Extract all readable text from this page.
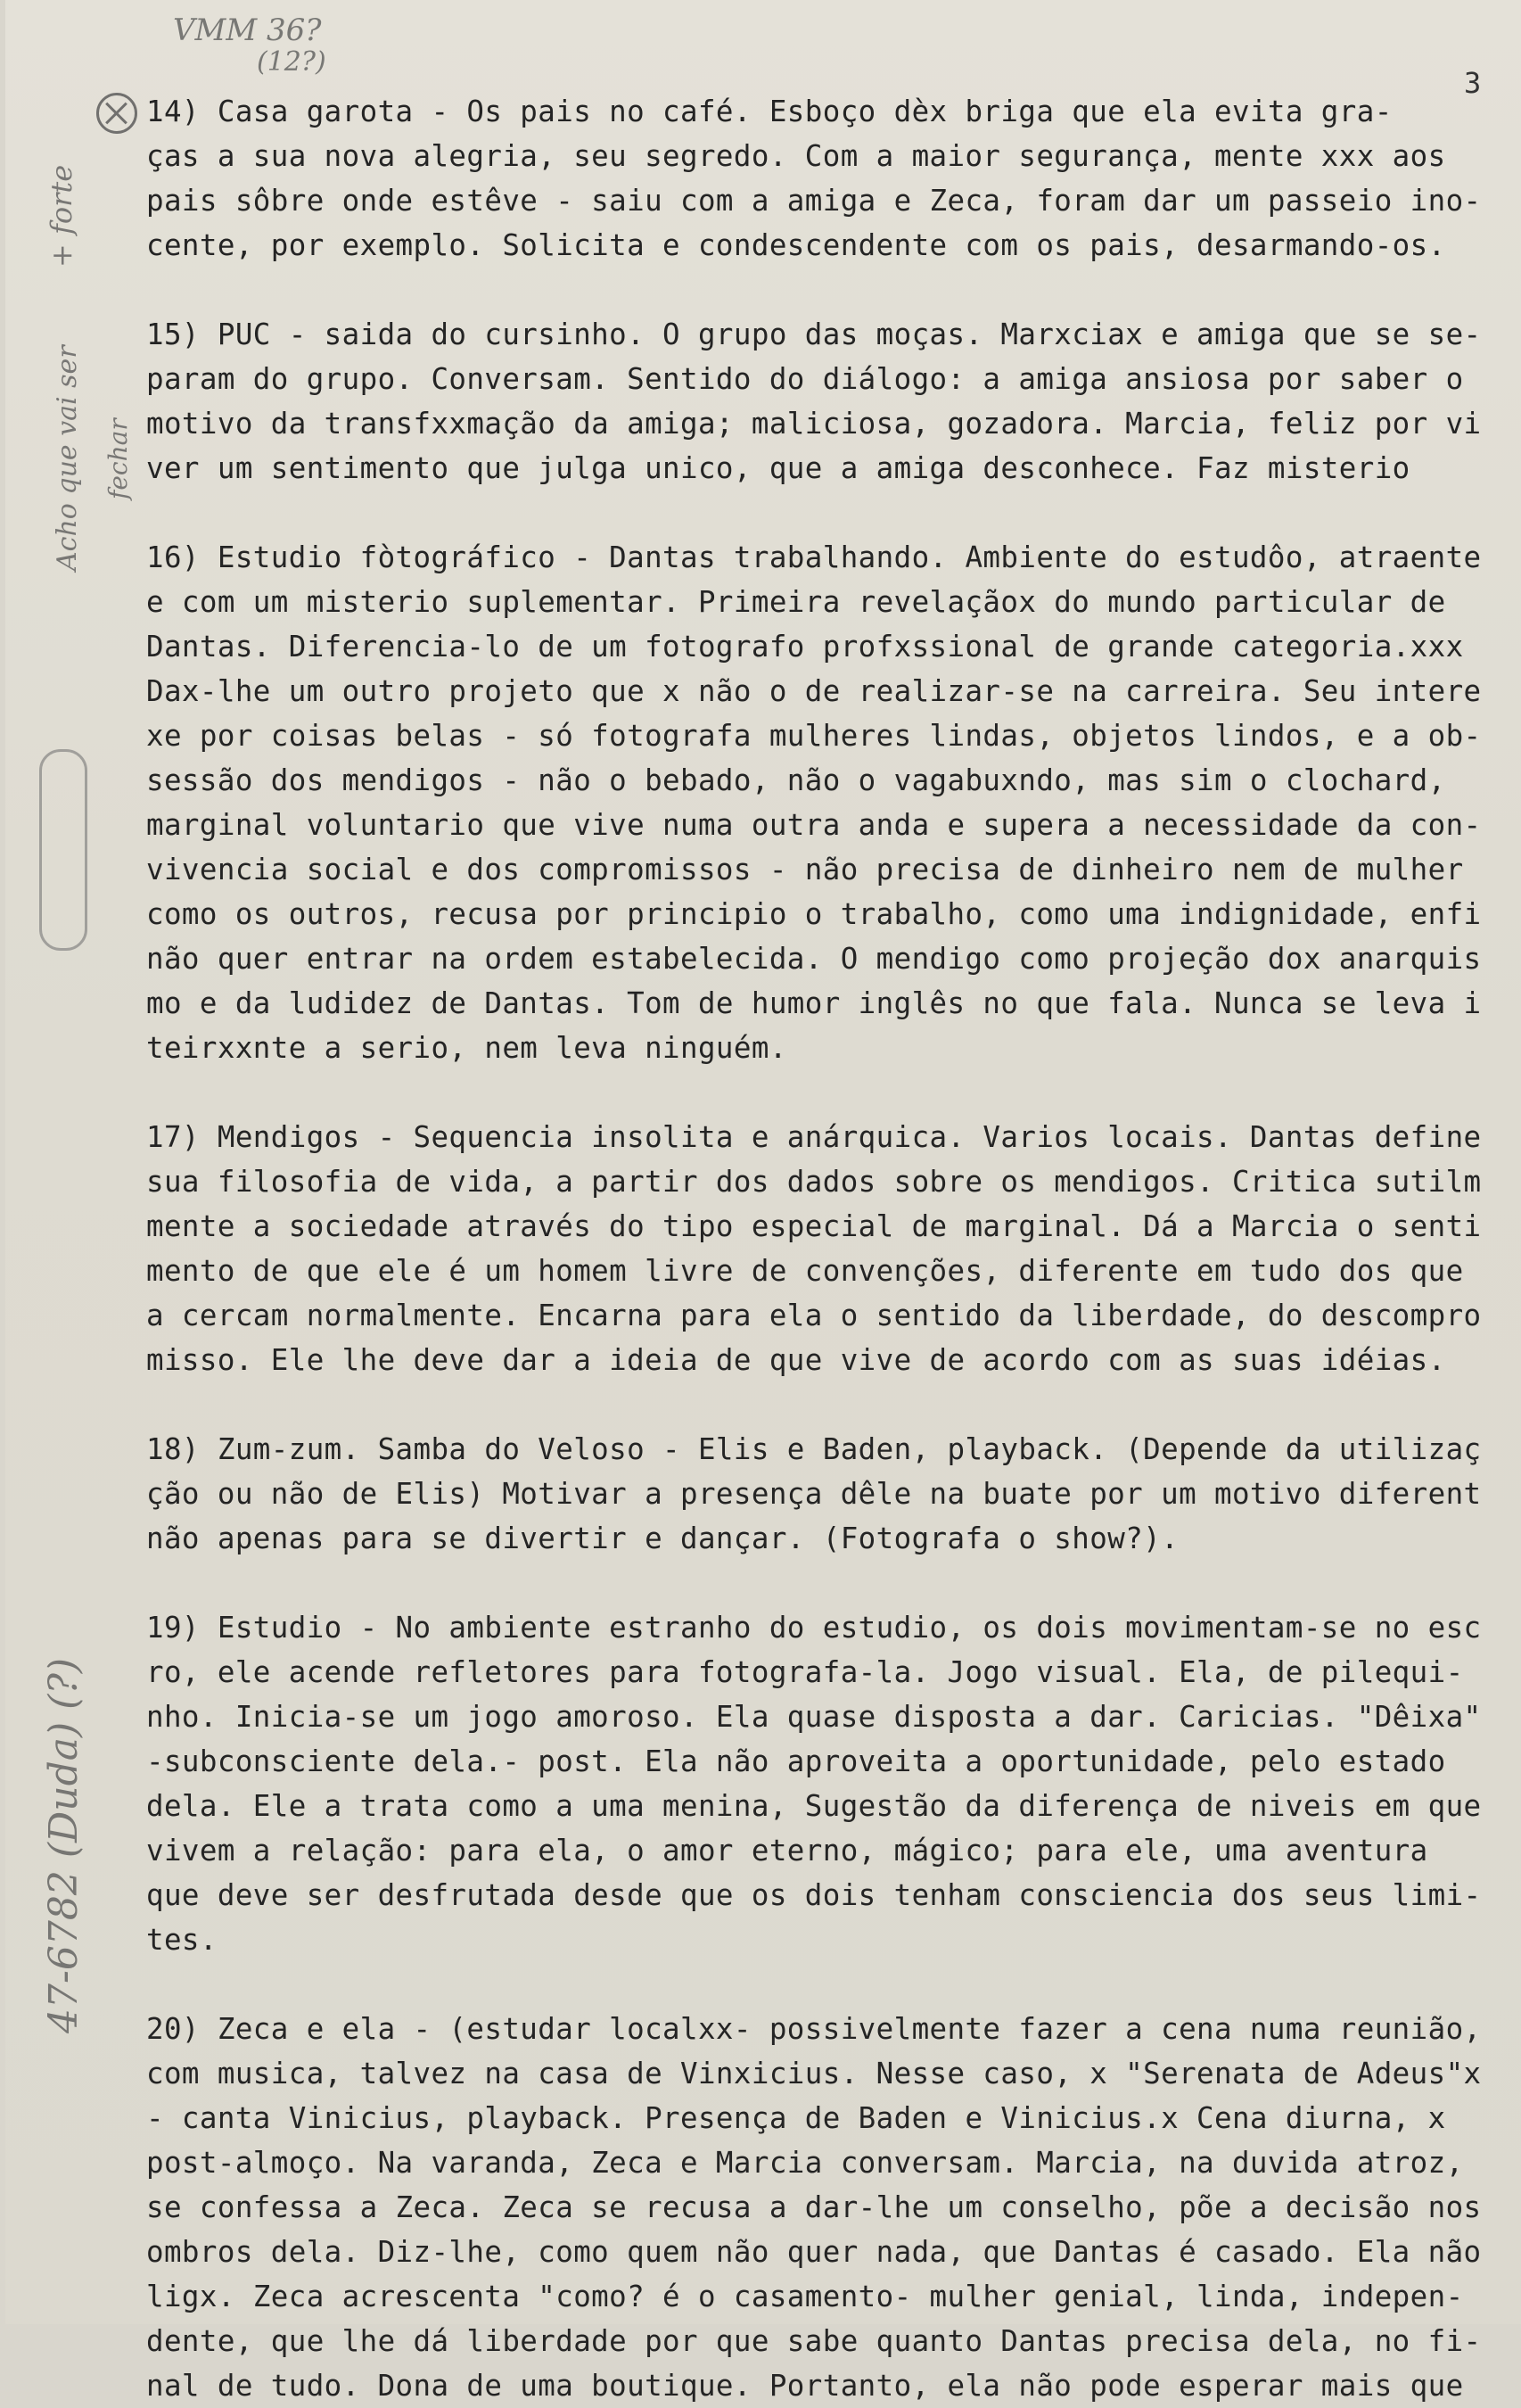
VMM 36?
(12?)
3
+ forte
Acho que vai ser fechar
47-6782 (Duda) (?)
14) Casa garota - Os pais no café. Esboço dèx briga que ela evita gra-
ças a sua nova alegria, seu segredo. Com a maior segurança, mente xxx aos
pais sôbre onde estêve - saiu com a amiga e Zeca, foram dar um passeio ino-
cente, por exemplo. Solicita e condescendente com os pais, desarmando-os.
15) PUC - saida do cursinho. O grupo das moças. Marxciax e amiga que se se-
param do grupo. Conversam. Sentido do diálogo: a amiga ansiosa por saber o
motivo da transfxxmação da amiga; maliciosa, gozadora. Marcia, feliz por vi
ver um sentimento que julga unico, que a amiga desconhece. Faz misterio
16) Estudio fòtográfico - Dantas trabalhando. Ambiente do estudôo, atraente
e com um misterio suplementar. Primeira revelaçãox do mundo particular de
Dantas. Diferencia-lo de um fotografo profxssional de grande categoria.xxx
Dax-lhe um outro projeto que x não o de realizar-se na carreira. Seu intere
xe por coisas belas - só fotografa mulheres lindas, objetos lindos, e a ob-
sessão dos mendigos - não o bebado, não o vagabuxndo, mas sim o clochard,
marginal voluntario que vive numa outra anda e supera a necessidade da con-
vivencia social e dos compromissos - não precisa de dinheiro nem de mulher
como os outros, recusa por principio o trabalho, como uma indignidade, enfi
não quer entrar na ordem estabelecida. O mendigo como projeção dox anarquis
mo e da ludidez de Dantas. Tom de humor inglês no que fala. Nunca se leva i
teirxxnte a serio, nem leva ninguém.
17) Mendigos - Sequencia insolita e anárquica. Varios locais. Dantas define
sua filosofia de vida, a partir dos dados sobre os mendigos. Critica sutilm
mente a sociedade através do tipo especial de marginal. Dá a Marcia o senti
mento de que ele é um homem livre de convenções, diferente em tudo dos que
a cercam normalmente. Encarna para ela o sentido da liberdade, do descompro
misso. Ele lhe deve dar a ideia de que vive de acordo com as suas idéias.
18) Zum-zum. Samba do Veloso - Elis e Baden, playback. (Depende da utilizaç
ção ou não de Elis) Motivar a presença dêle na buate por um motivo diferent
não apenas para se divertir e dançar. (Fotografa o show?).
19) Estudio - No ambiente estranho do estudio, os dois movimentam-se no esc
ro, ele acende refletores para fotografa-la. Jogo visual. Ela, de pilequi-
nho. Inicia-se um jogo amoroso. Ela quase disposta a dar. Caricias. "Dêixa"
-subconsciente dela.- post. Ela não aproveita a oportunidade, pelo estado
dela. Ele a trata como a uma menina, Sugestão da diferença de niveis em que
vivem a relação: para ela, o amor eterno, mágico; para ele, uma aventura
que deve ser desfrutada desde que os dois tenham consciencia dos seus limi-
tes.
20) Zeca e ela - (estudar localxx- possivelmente fazer a cena numa reunião,
com musica, talvez na casa de Vinxicius. Nesse caso, x "Serenata de Adeus"x
- canta Vinicius, playback. Presença de Baden e Vinicius.x Cena diurna, x
post-almoço. Na varanda, Zeca e Marcia conversam. Marcia, na duvida atroz,
se confessa a Zeca. Zeca se recusa a dar-lhe um conselho, põe a decisão nos
ombros dela. Diz-lhe, como quem não quer nada, que Dantas é casado. Ela não
ligx. Zeca acrescenta "como? é o casamento- mulher genial, linda, indepen-
dente, que lhe dá liberdade por que sabe quanto Dantas precisa dela, no fi-
nal de tudo. Dona de uma boutique. Portanto, ela não pode esperar mais que
